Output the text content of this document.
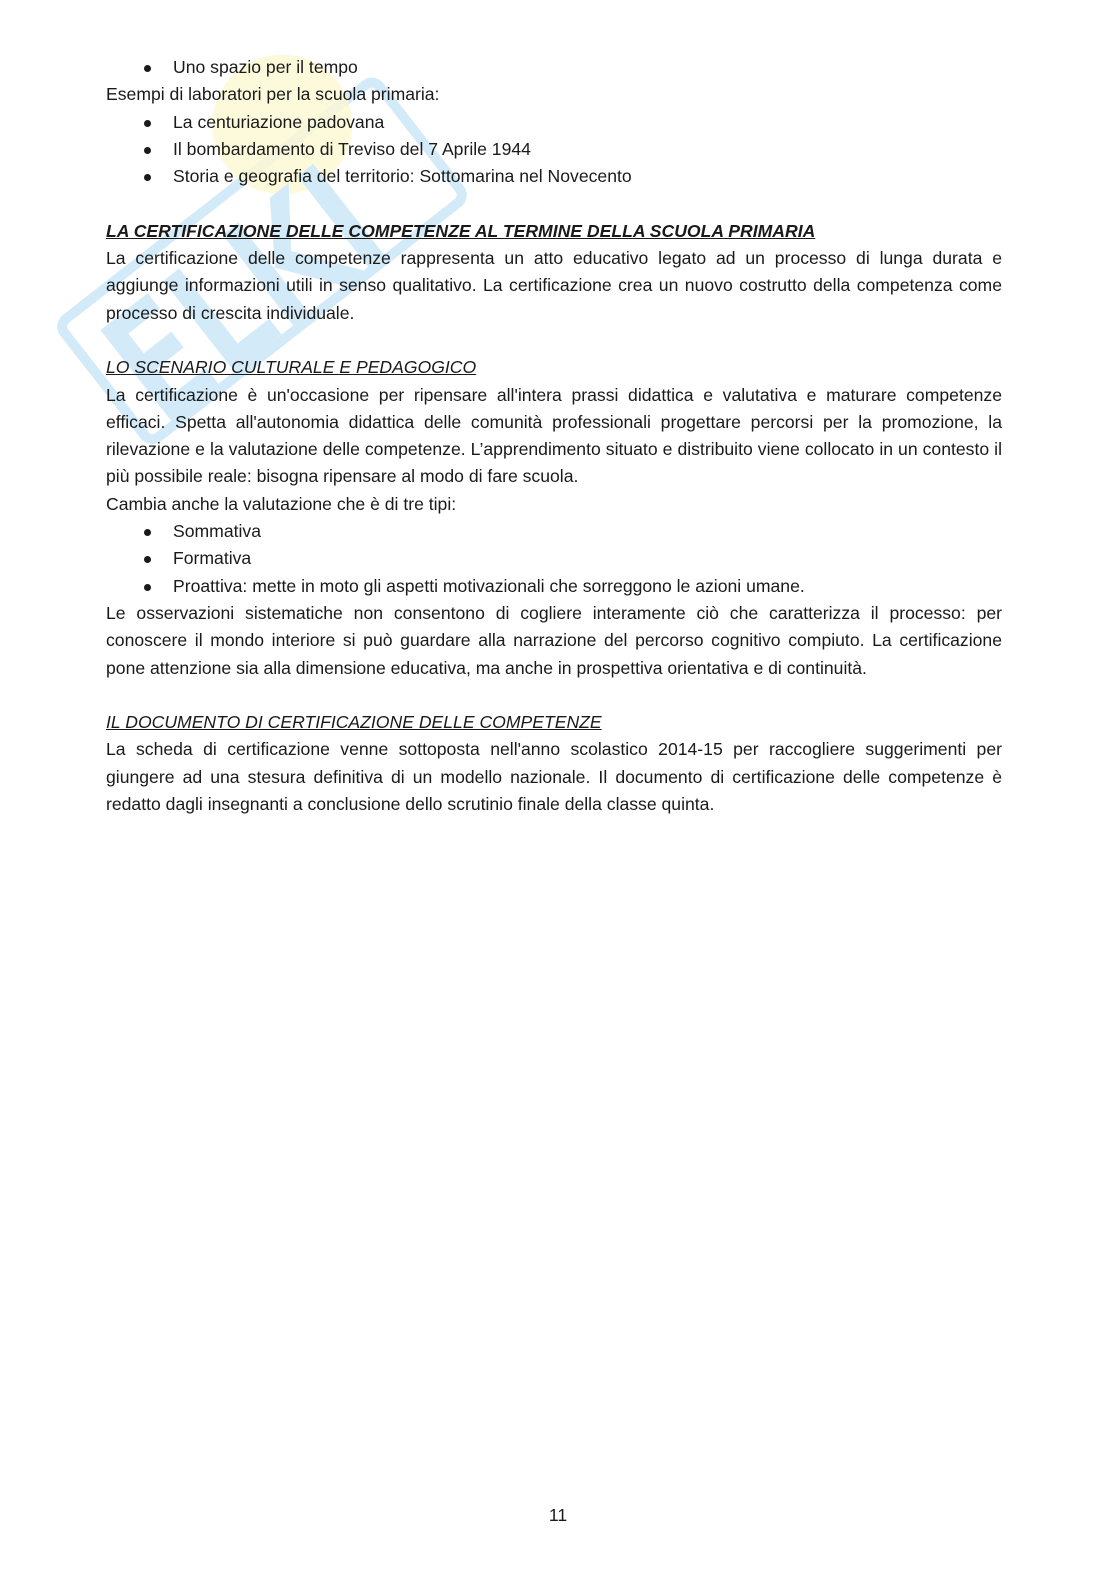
Uno spazio per il tempo

Esempi di laboratori per la scuola primaria:

La centuriazione padovana
Il bombardamento di Treviso del 7 Aprile 1944
Storia e geografia del territorio: Sottomarina nel Novecento

LA CERTIFICAZIONE DELLE COMPETENZE AL TERMINE DELLA SCUOLA PRIMARIA

La certificazione delle competenze rappresenta un atto educativo legato ad un processo di lunga durata e aggiunge informazioni utili in senso qualitativo. La certificazione crea un nuovo costrutto della competenza come processo di crescita individuale.

LO SCENARIO CULTURALE E PEDAGOGICO

La certificazione è un'occasione per ripensare all'intera prassi didattica e valutativa e maturare competenze efficaci. Spetta all'autonomia didattica delle comunità professionali progettare percorsi per la promozione, la rilevazione e la valutazione delle competenze. L’apprendimento situato e distribuito viene collocato in un contesto il più possibile reale: bisogna ripensare al modo di fare scuola.

Cambia anche la valutazione che è di tre tipi:

Sommativa
Formativa
Proattiva: mette in moto gli aspetti motivazionali che sorreggono le azioni umane.

Le osservazioni sistematiche non consentono di cogliere interamente ciò che caratterizza il processo: per conoscere il mondo interiore si può guardare alla narrazione del percorso cognitivo compiuto. La certificazione pone attenzione sia alla dimensione educativa, ma anche in prospettiva orientativa e di continuità.

IL DOCUMENTO DI CERTIFICAZIONE DELLE COMPETENZE

La scheda di certificazione venne sottoposta nell'anno scolastico 2014-15 per raccogliere suggerimenti per giungere ad una stesura definitiva di un modello nazionale. Il documento di certificazione delle competenze è redatto dagli insegnanti a conclusione dello scrutinio finale della classe quinta.

11
